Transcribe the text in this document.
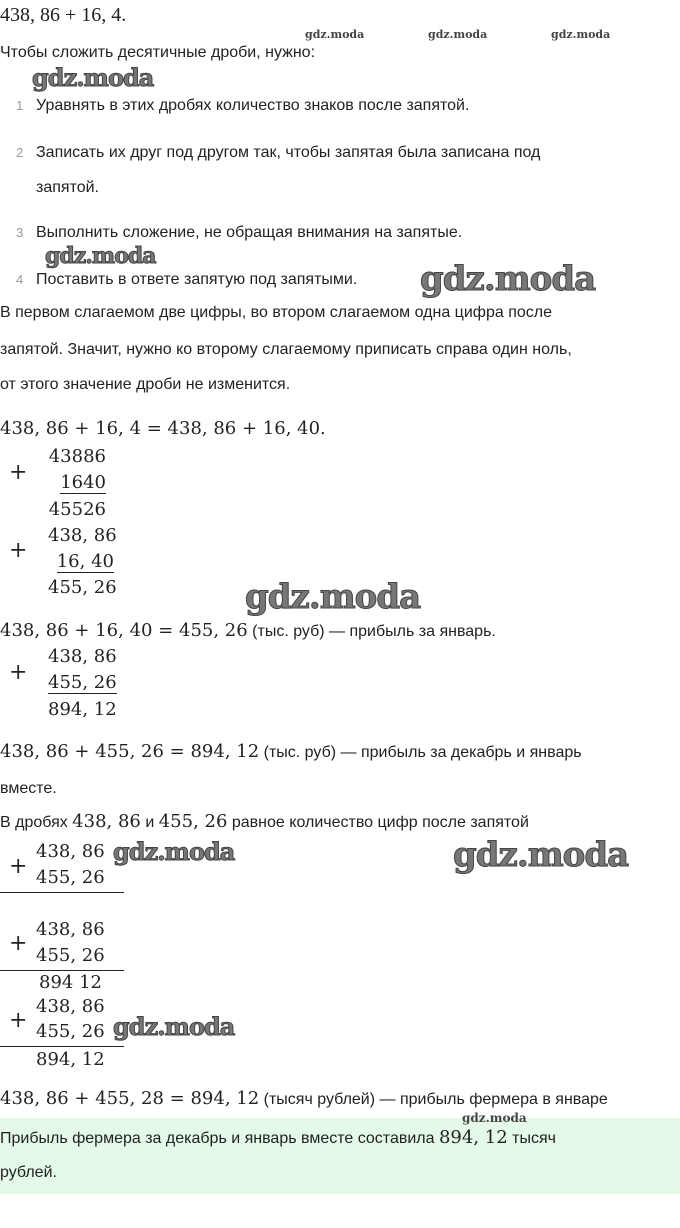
438, 86 + 16, 4.
gdz.moda	gdz.moda	gdz.moda
Чтобы сложить десятичные дроби, нужно:
gdz.moda
1 Уравнять в этих дробях количество знаков после запятой.
2 Записать их друг под другом так, чтобы запятая была записана под
запятой.
3 Выполнить сложение, не обращая внимания на запятые.
gdz.moda
4 Поставить в ответе запятую под запятыми. gdz.moda
В первом слагаемом две цифры, во втором слагаемом одна цифра после
запятой. Значит, нужно ко второму слагаемому приписать справа один ноль,
от этого значение дроби не изменится.
438, 86 + 16, 4 = 438, 86 + 16, 40.
+
43886
1640
45526
+
438, 86
16, 40
455, 26	gdz.moda
438, 86 + 16, 40 = 455, 26 (тыс. руб) — прибыль за январь.
+
438, 86
455, 26
894, 12
438, 86 + 455, 26 = 894, 12 (тыс. руб) — прибыль за декабрь и январь
вместе.
В дробях 438, 86 и 455, 26 равное количество цифр после запятой
+
438, 86
455, 26
gdz.moda	gdz.moda
+
438, 86
455, 26
894 12
+
438, 86
455, 26
894, 12
gdz.moda
438, 86 + 455, 28 = 894, 12 (тысяч рублей) — прибыль фермера в январе
gdz.moda
Прибыль фермера за декабрь и январь вместе составила 894, 12 тысяч
рублей.
